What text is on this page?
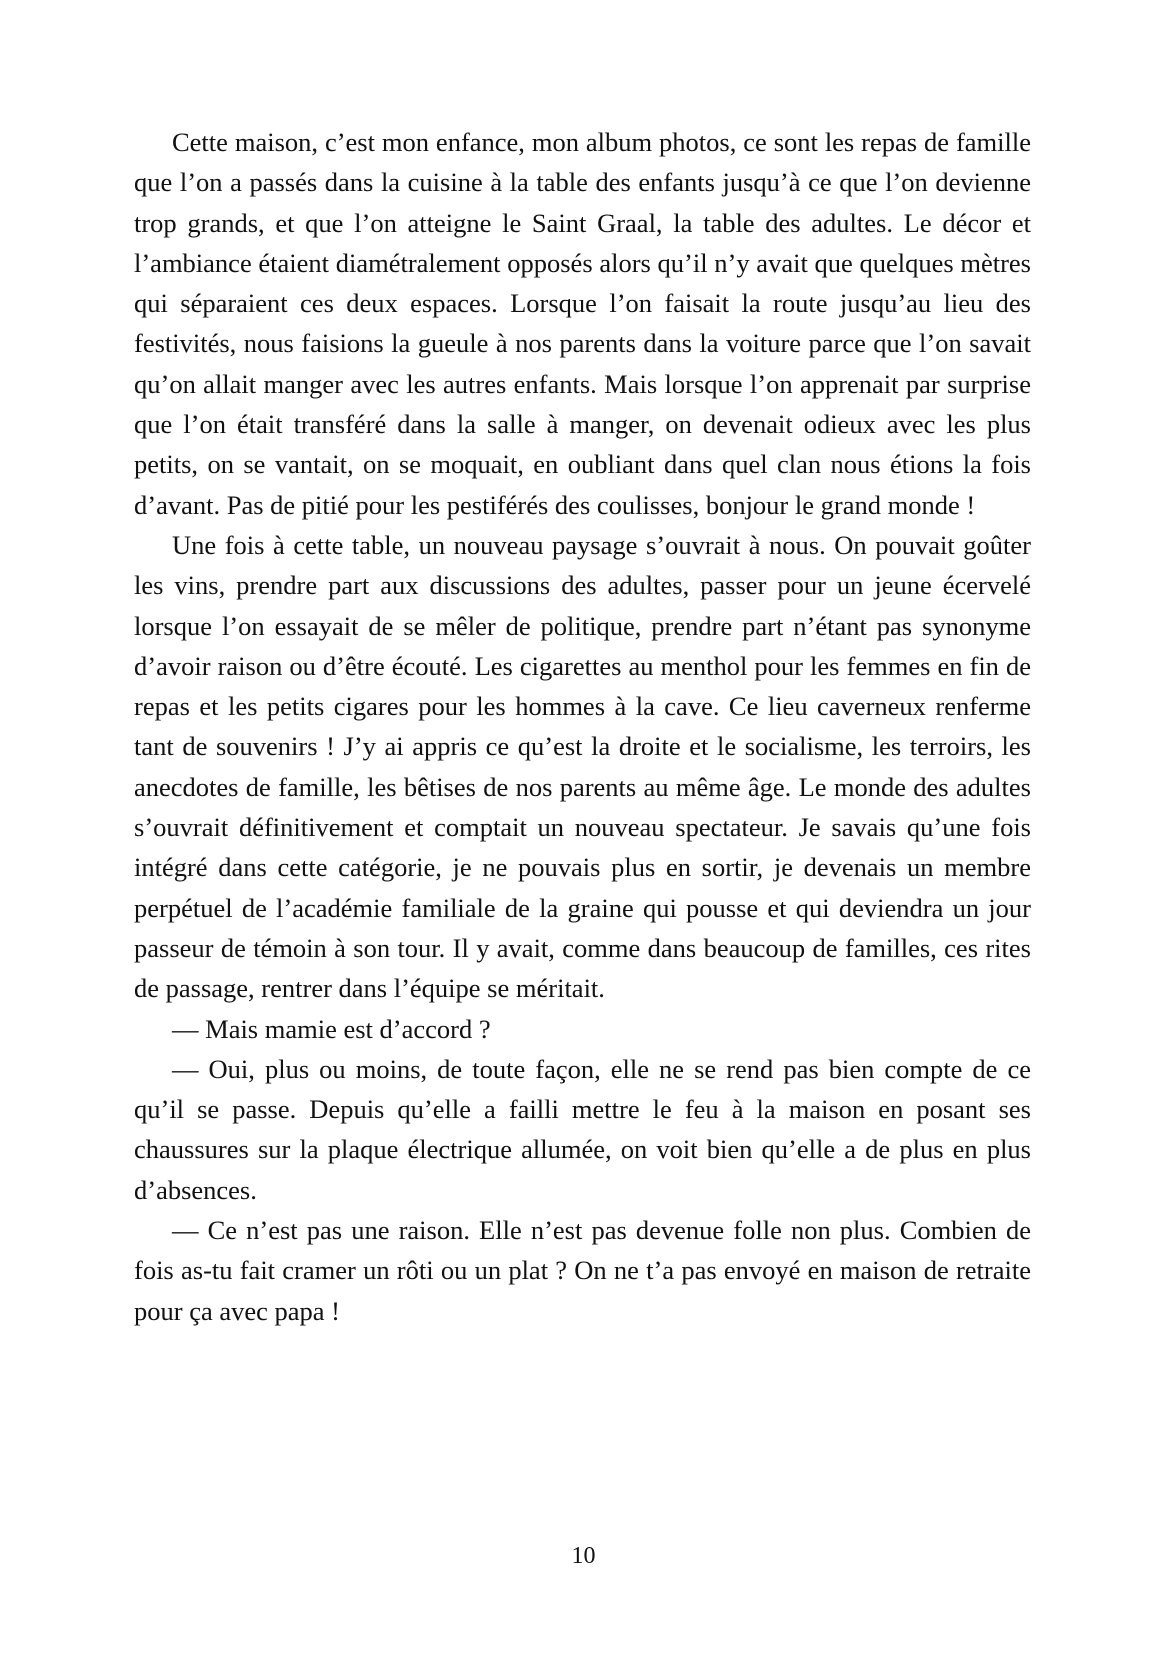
Cette maison, c’est mon enfance, mon album photos, ce sont les repas de famille que l’on a passés dans la cuisine à la table des enfants jusqu’à ce que l’on devienne trop grands, et que l’on atteigne le Saint Graal, la table des adultes. Le décor et l’ambiance étaient diamétralement opposés alors qu’il n’y avait que quelques mètres qui séparaient ces deux espaces. Lorsque l’on faisait la route jusqu’au lieu des festivités, nous faisions la gueule à nos parents dans la voiture parce que l’on savait qu’on allait manger avec les autres enfants. Mais lorsque l’on apprenait par surprise que l’on était transféré dans la salle à manger, on devenait odieux avec les plus petits, on se vantait, on se moquait, en oubliant dans quel clan nous étions la fois d’avant. Pas de pitié pour les pestiférés des coulisses, bonjour le grand monde !

Une fois à cette table, un nouveau paysage s’ouvrait à nous. On pouvait goûter les vins, prendre part aux discussions des adultes, passer pour un jeune écervelé lorsque l’on essayait de se mêler de politique, prendre part n’étant pas synonyme d’avoir raison ou d’être écouté. Les cigarettes au menthol pour les femmes en fin de repas et les petits cigares pour les hommes à la cave. Ce lieu caverneux renferme tant de souvenirs ! J’y ai appris ce qu’est la droite et le socialisme, les terroirs, les anecdotes de famille, les bêtises de nos parents au même âge. Le monde des adultes s’ouvrait définitivement et comptait un nouveau spectateur. Je savais qu’une fois intégré dans cette catégorie, je ne pouvais plus en sortir, je devenais un membre perpétuel de l’académie familiale de la graine qui pousse et qui deviendra un jour passeur de témoin à son tour. Il y avait, comme dans beaucoup de familles, ces rites de passage, rentrer dans l’équipe se méritait.

— Mais mamie est d’accord ?

— Oui, plus ou moins, de toute façon, elle ne se rend pas bien compte de ce qu’il se passe. Depuis qu’elle a failli mettre le feu à la maison en posant ses chaussures sur la plaque électrique allumée, on voit bien qu’elle a de plus en plus d’absences.

— Ce n’est pas une raison. Elle n’est pas devenue folle non plus. Combien de fois as-tu fait cramer un rôti ou un plat ? On ne t’a pas envoyé en maison de retraite pour ça avec papa !

10
